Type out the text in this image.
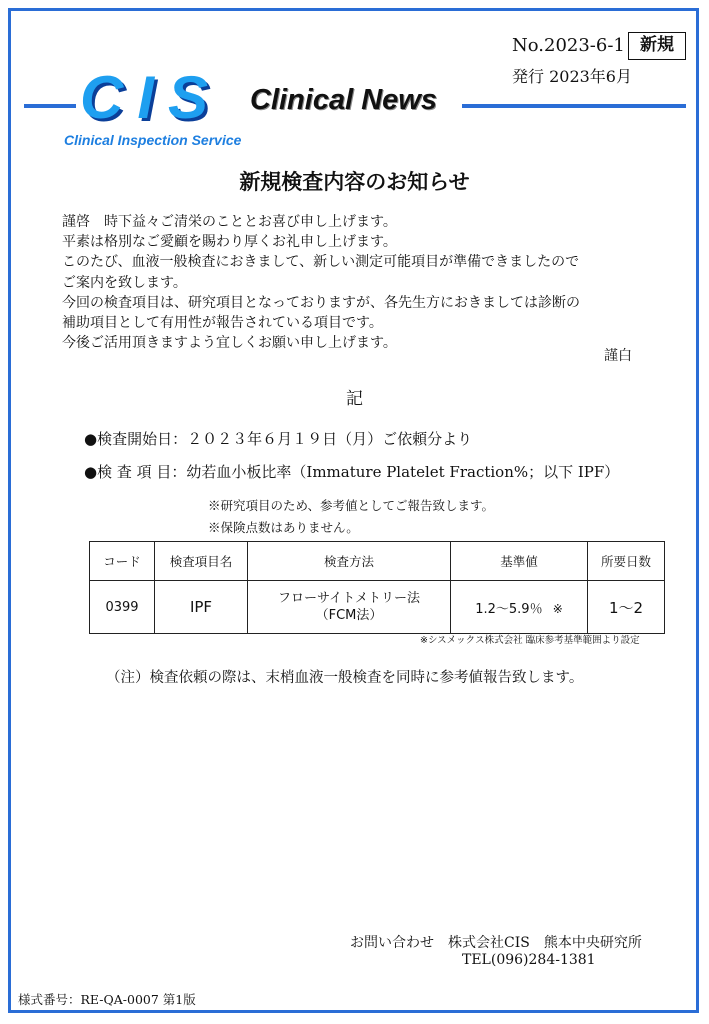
CIS
Clinical Inspection Service
Clinical News
No.2023-6-1 新規
発行 2023年6月
新規検査内容のお知らせ
謹啓　時下益々ご清栄のこととお喜び申し上げます。
平素は格別なご愛顧を賜わり厚くお礼申し上げます。
このたび、血液一般検査におきまして、新しい測定可能項目が準備できましたので
ご案内を致します。
今回の検査項目は、研究項目となっておりますが、各先生方におきましては診断の
補助項目として有用性が報告されている項目です。
今後ご活用頂きますよう宜しくお願い申し上げます。
謹白
記
●検査開始日：２０２３年６月１９日（月）ご依頼分より
●検 査 項 目：幼若血小板比率（Immature Platelet Fraction%；以下 IPF）
※研究項目のため、参考値としてご報告致します。
※保険点数はありません。
コード	検査項目名	検査方法	基準値	所要日数
0399	IPF	フローサイトメトリー法
（FCM法）	1.2〜5.9％ ※	1〜2
※シスメックス株式会社 臨床参考基準範囲より設定
（注）検査依頼の際は、末梢血液一般検査を同時に参考値報告致します。
お問い合わせ　株式会社CIS　熊本中央研究所
TEL(096)284-1381
様式番号：RE-QA-0007 第1版
